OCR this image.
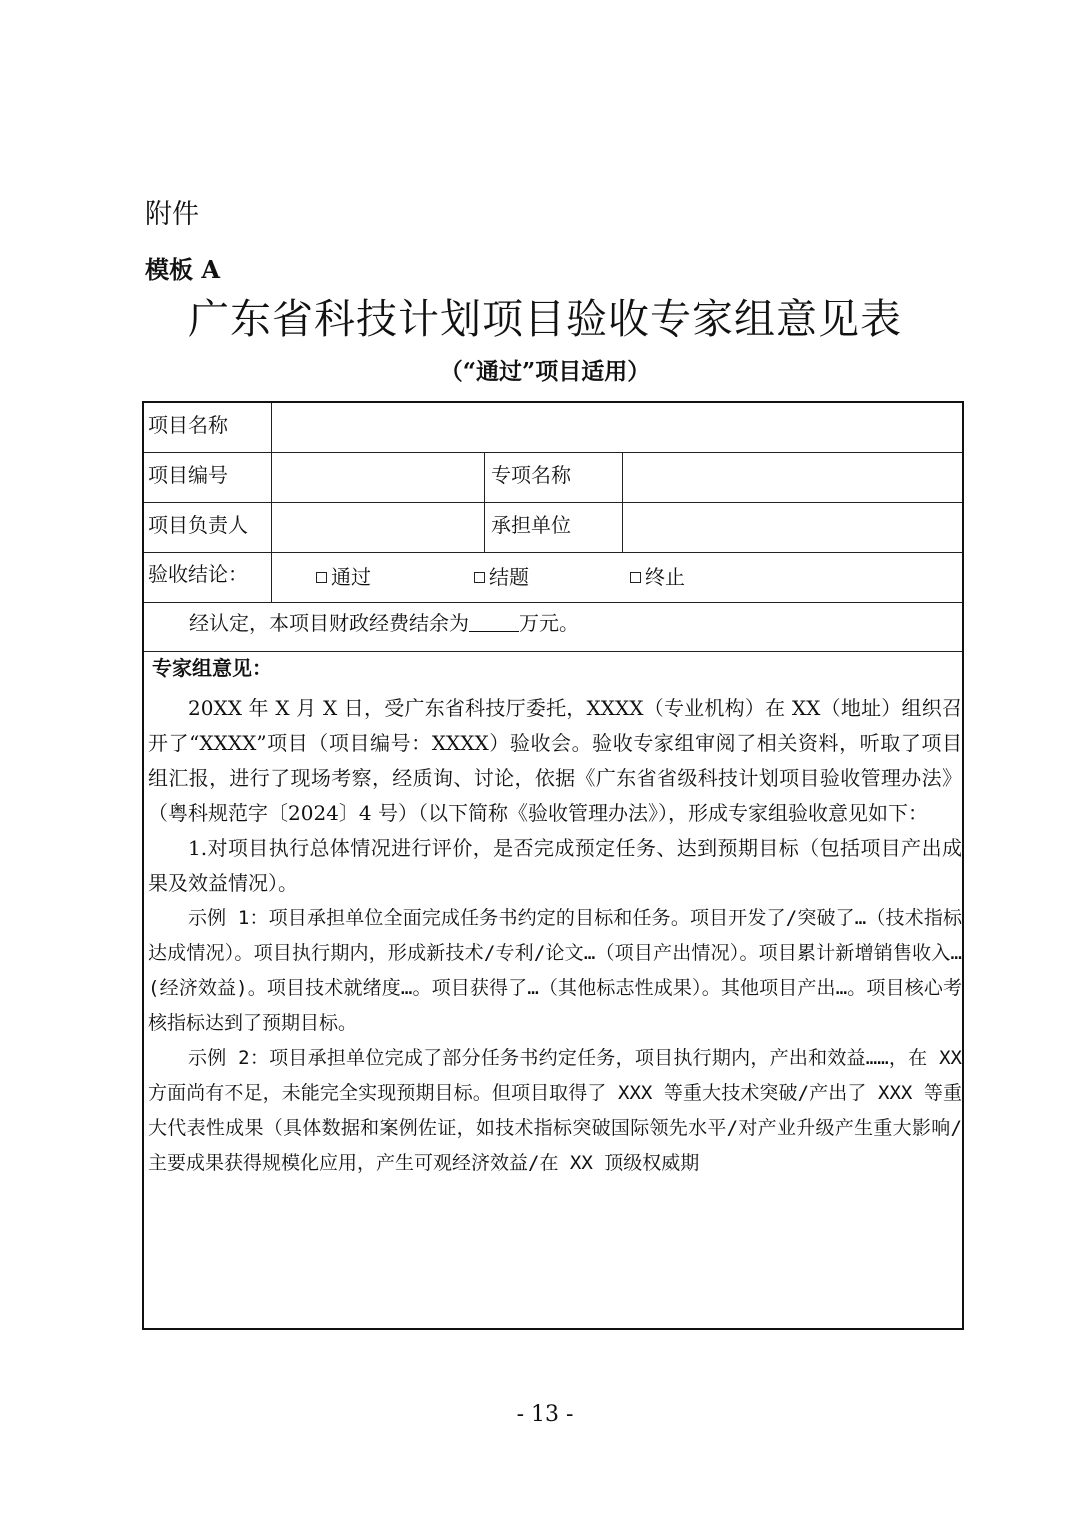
附件
模板 A
广东省科技计划项目验收专家组意见表
（“通过”项目适用）
项目名称
项目编号	专项名称
项目负责人	承担单位
验收结论：	通过	结题	终止
经认定，本项目财政经费结余为	万元。
专家组意见：

20XX 年 X 月 X 日，受广东省科技厅委托，XXXX（专业机构）在 XX（地址）组织召开了“XXXX”项目（项目编号：XXXX）验收会。验收专家组审阅了相关资料，听取了项目组汇报，进行了现场考察，经质询、讨论，依据《广东省省级科技计划项目验收管理办法》（粤科规范字〔2024〕4 号）（以下简称《验收管理办法》），形成专家组验收意见如下：

1.对项目执行总体情况进行评价，是否完成预定任务、达到预期目标（包括项目产出成果及效益情况）。

示例 1：项目承担单位全面完成任务书约定的目标和任务。项目开发了/突破了…（技术指标达成情况）。项目执行期内，形成新技术/专利/论文…（项目产出情况）。项目累计新增销售收入…(经济效益)。项目技术就绪度…。项目获得了…（其他标志性成果）。其他项目产出…。项目核心考核指标达到了预期目标。

示例 2：项目承担单位完成了部分任务书约定任务，项目执行期内，产出和效益……，在 XX 方面尚有不足，未能完全实现预期目标。但项目取得了 XXX 等重大技术突破/产出了 XXX 等重大代表性成果（具体数据和案例佐证，如技术指标突破国际领先水平/对产业升级产生重大影响/主要成果获得规模化应用，产生可观经济效益/在 XX 顶级权威期

- 13 -
